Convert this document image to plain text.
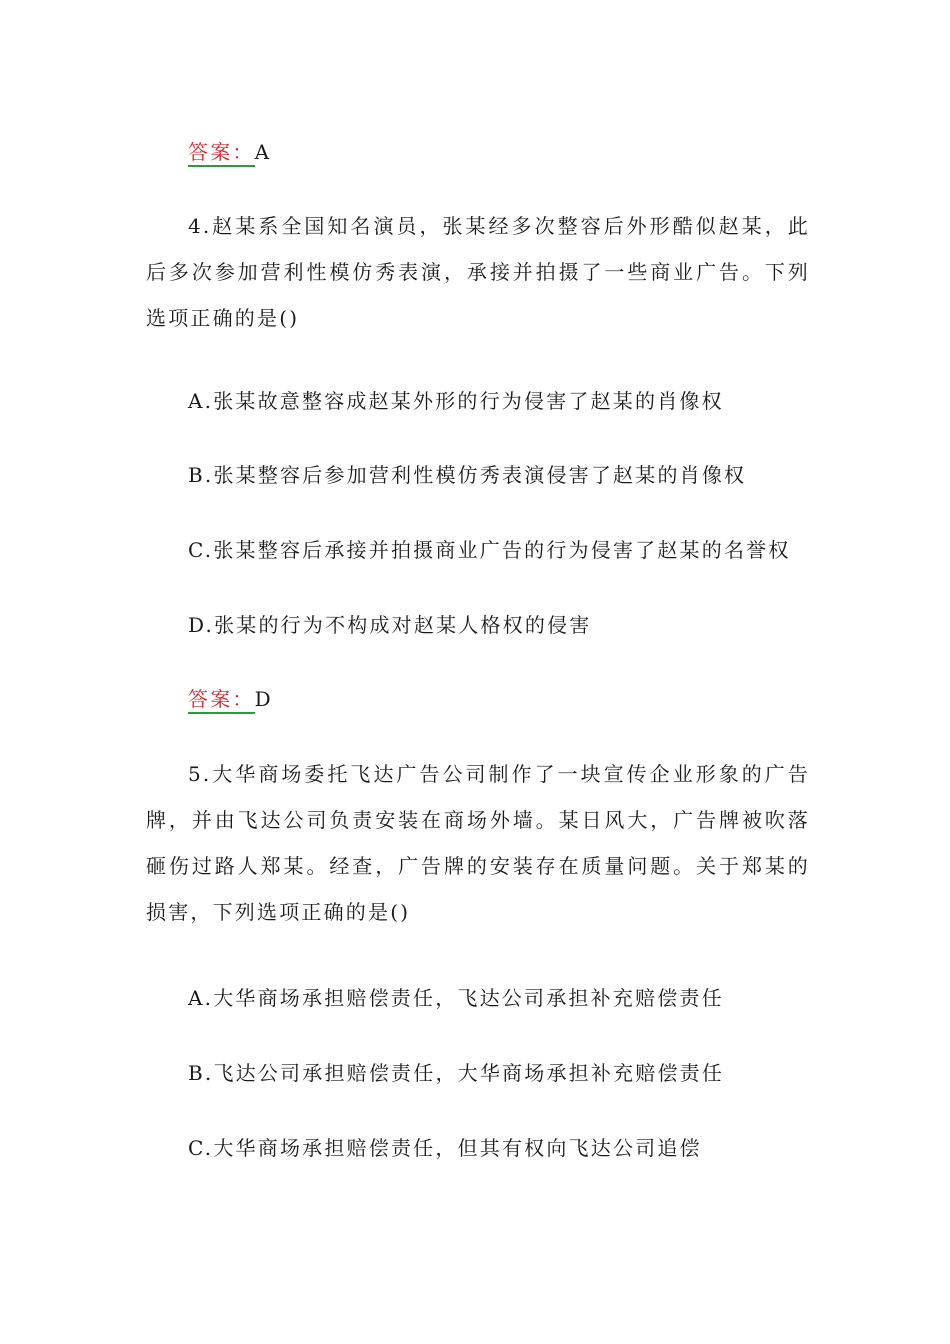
答案：A
4.赵某系全国知名演员，张某经多次整容后外形酷似赵某，此后多次参加营利性模仿秀表演，承接并拍摄了一些商业广告。下列选项正确的是()
A.张某故意整容成赵某外形的行为侵害了赵某的肖像权
B.张某整容后参加营利性模仿秀表演侵害了赵某的肖像权
C.张某整容后承接并拍摄商业广告的行为侵害了赵某的名誉权
D.张某的行为不构成对赵某人格权的侵害
答案：D
5.大华商场委托飞达广告公司制作了一块宣传企业形象的广告牌，并由飞达公司负责安装在商场外墙。某日风大，广告牌被吹落砸伤过路人郑某。经查，广告牌的安装存在质量问题。关于郑某的损害，下列选项正确的是()
A.大华商场承担赔偿责任，飞达公司承担补充赔偿责任
B.飞达公司承担赔偿责任，大华商场承担补充赔偿责任
C.大华商场承担赔偿责任，但其有权向飞达公司追偿
